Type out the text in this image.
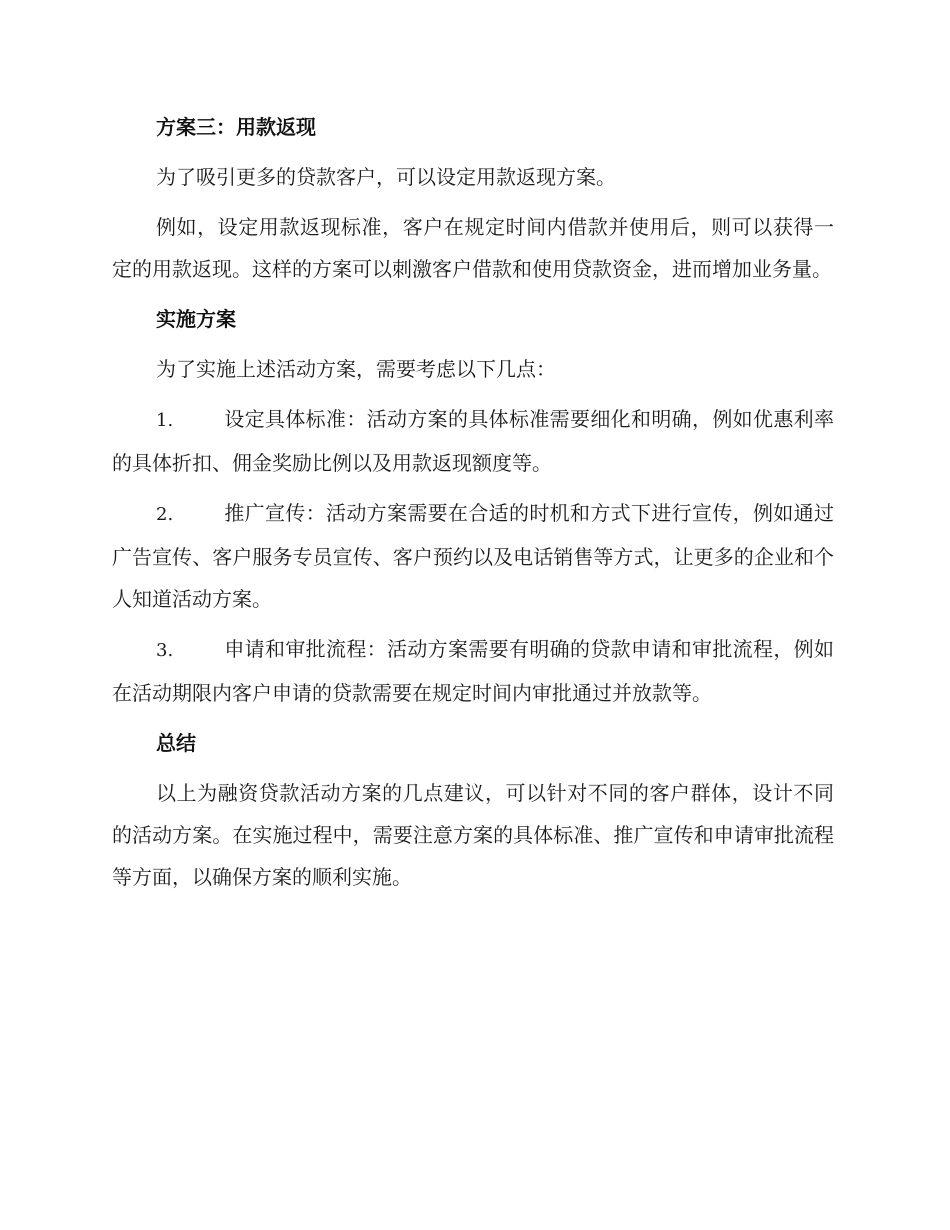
方案三：用款返现

为了吸引更多的贷款客户，可以设定用款返现方案。

例如，设定用款返现标准，客户在规定时间内借款并使用后，则可以获得一定的用款返现。这样的方案可以刺激客户借款和使用贷款资金，进而增加业务量。

实施方案

为了实施上述活动方案，需要考虑以下几点：

1.	设定具体标准：活动方案的具体标准需要细化和明确，例如优惠利率的具体折扣、佣金奖励比例以及用款返现额度等。

2.	推广宣传：活动方案需要在合适的时机和方式下进行宣传，例如通过广告宣传、客户服务专员宣传、客户预约以及电话销售等方式，让更多的企业和个人知道活动方案。

3.	申请和审批流程：活动方案需要有明确的贷款申请和审批流程，例如在活动期限内客户申请的贷款需要在规定时间内审批通过并放款等。

总结

以上为融资贷款活动方案的几点建议，可以针对不同的客户群体，设计不同的活动方案。在实施过程中，需要注意方案的具体标准、推广宣传和申请审批流程等方面，以确保方案的顺利实施。
